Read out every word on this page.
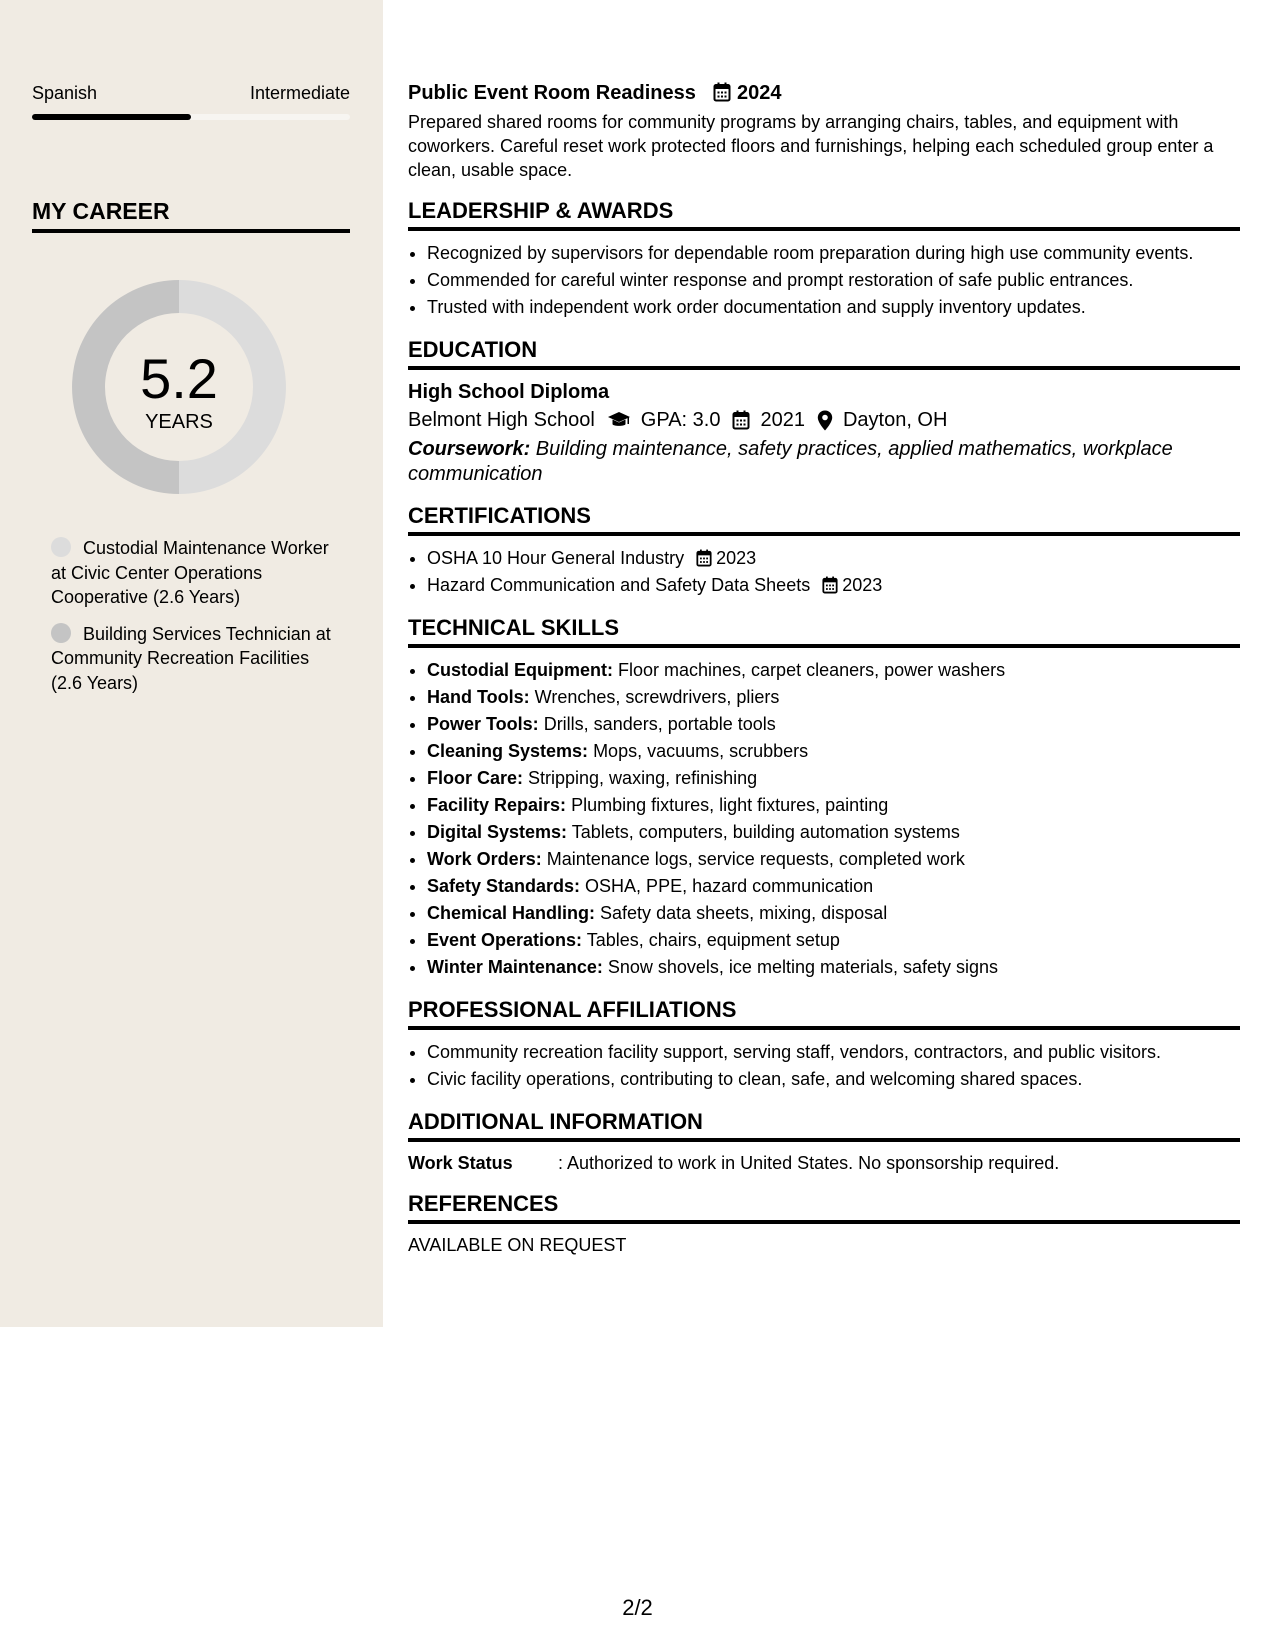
Spanish	Intermediate
MY CAREER
5.2
YEARS
Custodial Maintenance Worker at Civic Center Operations Cooperative (2.6 Years)
Building Services Technician at Community Recreation Facilities (2.6 Years)
Public Event Room Readiness 2024

Prepared shared rooms for community programs by arranging chairs, tables, and equipment with coworkers. Careful reset work protected floors and furnishings, helping each scheduled group enter a clean, usable space.

LEADERSHIP & AWARDS
• Recognized by supervisors for dependable room preparation during high use community events.
• Commended for careful winter response and prompt restoration of safe public entrances.
• Trusted with independent work order documentation and supply inventory updates.
EDUCATION
High School Diploma
Belmont High School GPA: 3.0 2021 Dayton, OH
Coursework: Building maintenance, safety practices, applied mathematics, workplace communication
CERTIFICATIONS
• OSHA 10 Hour General Industry 2023
• Hazard Communication and Safety Data Sheets 2023
TECHNICAL SKILLS
• Custodial Equipment: Floor machines, carpet cleaners, power washers
• Hand Tools: Wrenches, screwdrivers, pliers
• Power Tools: Drills, sanders, portable tools
• Cleaning Systems: Mops, vacuums, scrubbers
• Floor Care: Stripping, waxing, refinishing
• Facility Repairs: Plumbing fixtures, light fixtures, painting
• Digital Systems: Tablets, computers, building automation systems
• Work Orders: Maintenance logs, service requests, completed work
• Safety Standards: OSHA, PPE, hazard communication
• Chemical Handling: Safety data sheets, mixing, disposal
• Event Operations: Tables, chairs, equipment setup
• Winter Maintenance: Snow shovels, ice melting materials, safety signs
PROFESSIONAL AFFILIATIONS
• Community recreation facility support, serving staff, vendors, contractors, and public visitors.
• Civic facility operations, contributing to clean, safe, and welcoming shared spaces.
ADDITIONAL INFORMATION
Work Status	: Authorized to work in United States. No sponsorship required.
REFERENCES
AVAILABLE ON REQUEST
2/2
